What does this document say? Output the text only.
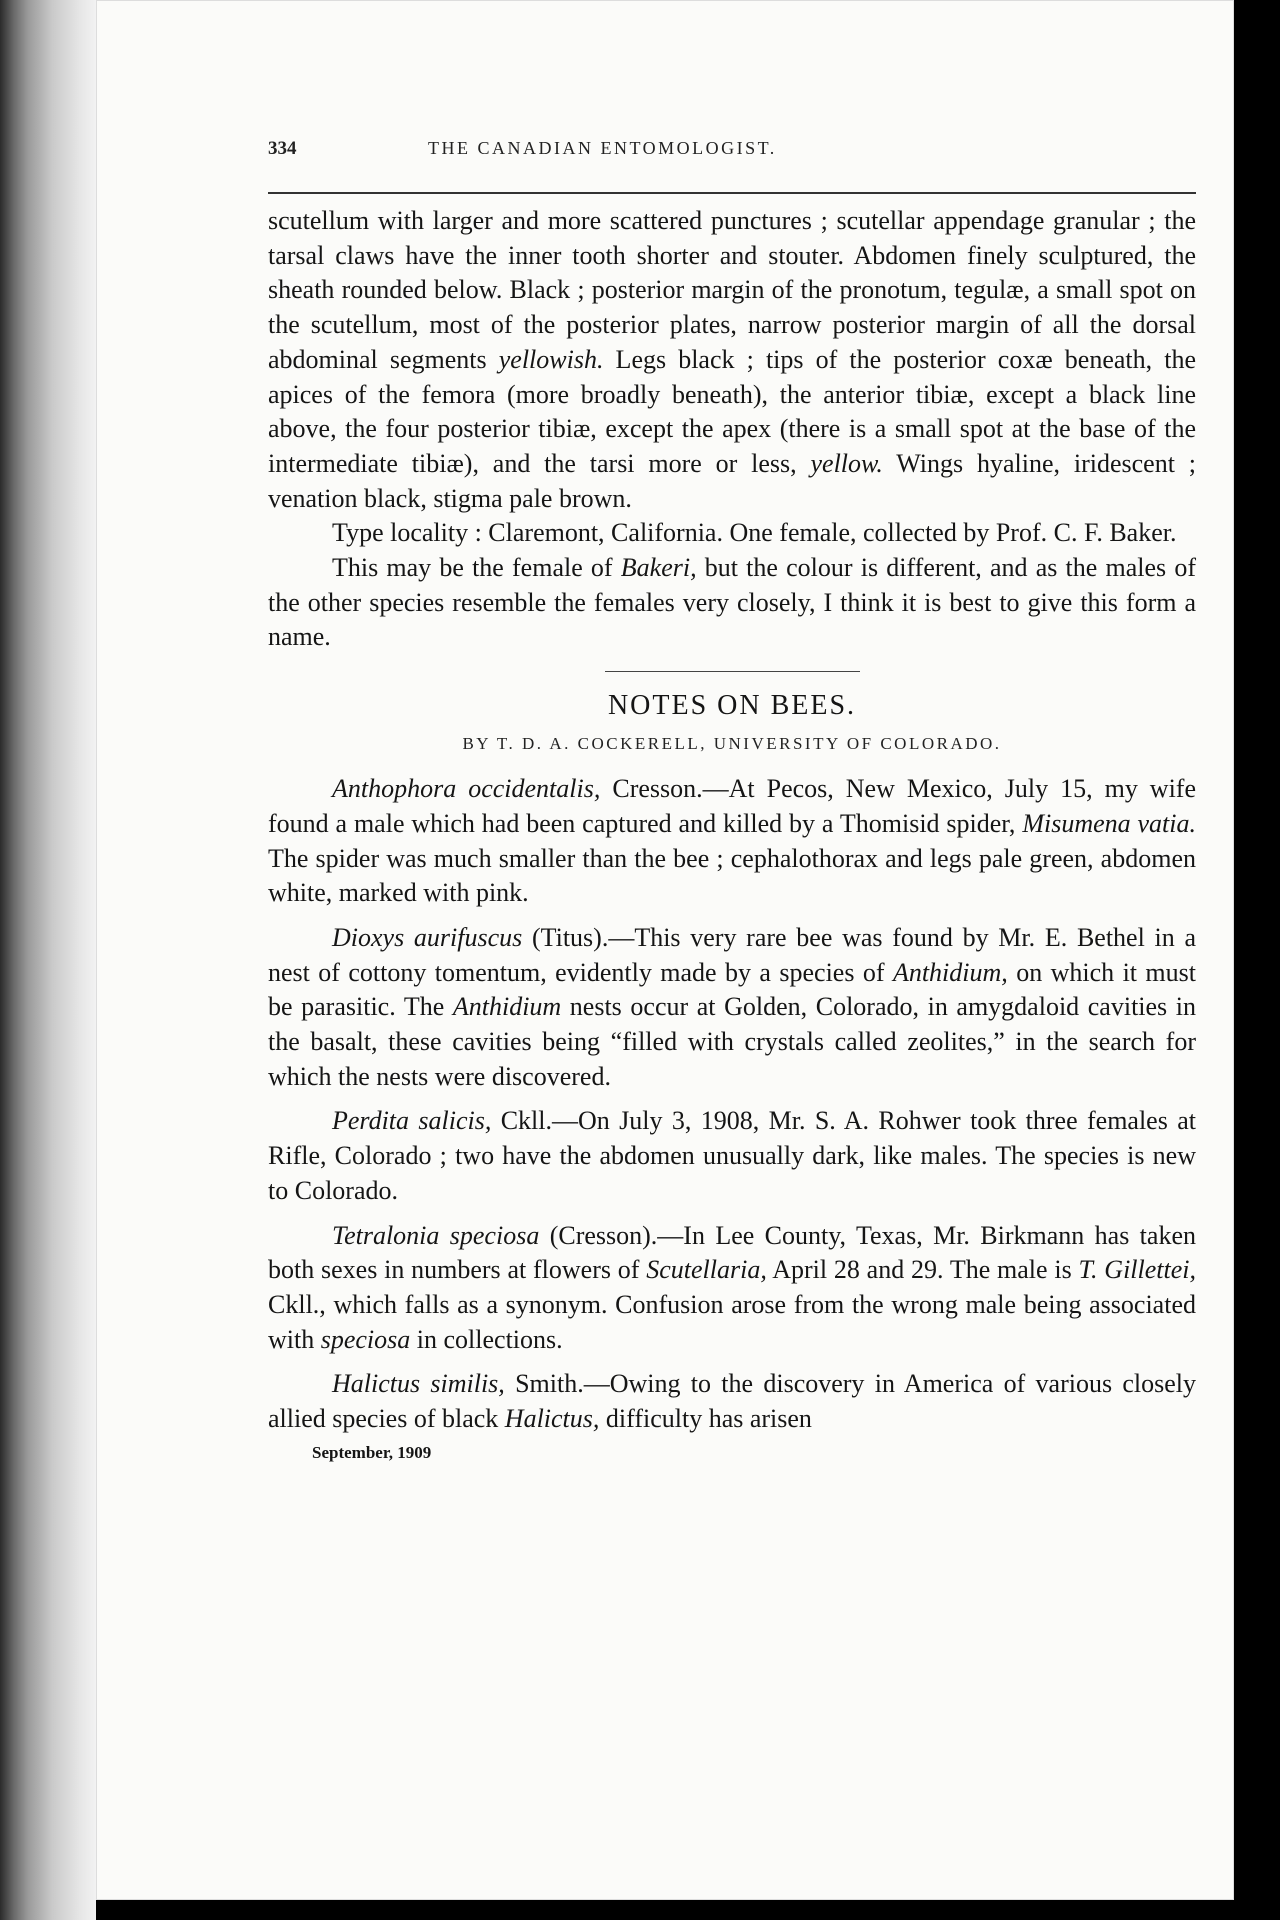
334	THE CANADIAN ENTOMOLOGIST.

scutellum with larger and more scattered punctures ; scutellar appendage granular ; the tarsal claws have the inner tooth shorter and stouter. Abdomen finely sculptured, the sheath rounded below. Black ; posterior margin of the pronotum, tegulæ, a small spot on the scutellum, most of the posterior plates, narrow posterior margin of all the dorsal abdominal segments yellowish. Legs black ; tips of the posterior coxæ beneath, the apices of the femora (more broadly beneath), the anterior tibiæ, except a black line above, the four posterior tibiæ, except the apex (there is a small spot at the base of the intermediate tibiæ), and the tarsi more or less, yellow. Wings hyaline, iridescent ; venation black, stigma pale brown.

Type locality : Claremont, California. One female, collected by Prof. C. F. Baker.

This may be the female of Bakeri, but the colour is different, and as the males of the other species resemble the females very closely, I think it is best to give this form a name.

NOTES ON BEES.
BY T. D. A. COCKERELL, UNIVERSITY OF COLORADO.

Anthophora occidentalis, Cresson.—At Pecos, New Mexico, July 15, my wife found a male which had been captured and killed by a Thomisid spider, Misumena vatia. The spider was much smaller than the bee ; cephalothorax and legs pale green, abdomen white, marked with pink.

Dioxys aurifuscus (Titus).—This very rare bee was found by Mr. E. Bethel in a nest of cottony tomentum, evidently made by a species of Anthidium, on which it must be parasitic. The Anthidium nests occur at Golden, Colorado, in amygdaloid cavities in the basalt, these cavities being “filled with crystals called zeolites,” in the search for which the nests were discovered.

Perdita salicis, Ckll.—On July 3, 1908, Mr. S. A. Rohwer took three females at Rifle, Colorado ; two have the abdomen unusually dark, like males. The species is new to Colorado.

Tetralonia speciosa (Cresson).—In Lee County, Texas, Mr. Birkmann has taken both sexes in numbers at flowers of Scutellaria, April 28 and 29. The male is T. Gillettei, Ckll., which falls as a synonym. Confusion arose from the wrong male being associated with speciosa in collections.

Halictus similis, Smith.—Owing to the discovery in America of various closely allied species of black Halictus, difficulty has arisen

September, 1909
